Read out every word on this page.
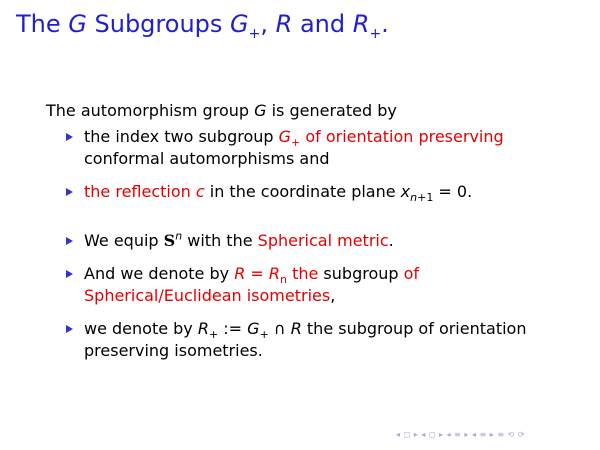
The G Subgroups $G_+$, R and $R_+$.

The automorphism group G is generated by

the index two subgroup $G_+$ of orientation preserving
conformal automorphisms and
the reflection c in the coordinate plane $x_{n+1} = 0$.
We equip $S^n$ with the Spherical metric.
And we denote by $R = R_n$ the subgroup of
Spherical/Euclidean isometries,
we denote by $R_+$ := $G_+$ ∩ R the subgroup of orientation
preserving isometries.
◂ ◻ ▸ ◂ ◻ ▸ ◂ ≡ ▸ ◂ ≡ ▸ ≡ ⟲ ⟳
